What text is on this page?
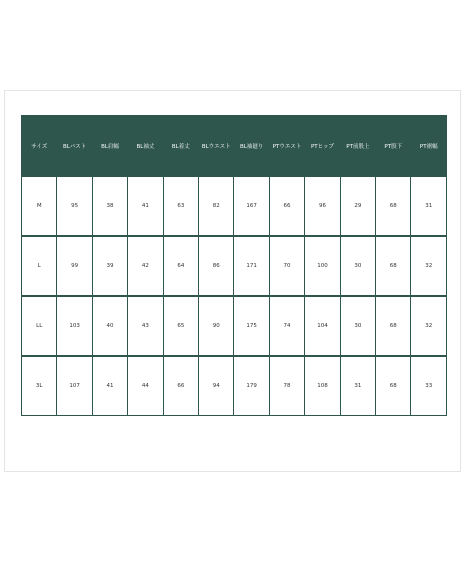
サイズ	BLバスト	BL肩幅	BL袖丈	BL着丈	BLウエスト	BL袖廻り	PTウエスト	PTヒップ	PT前股上	PT股下	PT裾幅
M	95	38	41	63	82	167	66	96	29	68	31
L	99	39	42	64	86	171	70	100	30	68	32
LL	103	40	43	65	90	175	74	104	30	68	32
3L	107	41	44	66	94	179	78	108	31	68	33
